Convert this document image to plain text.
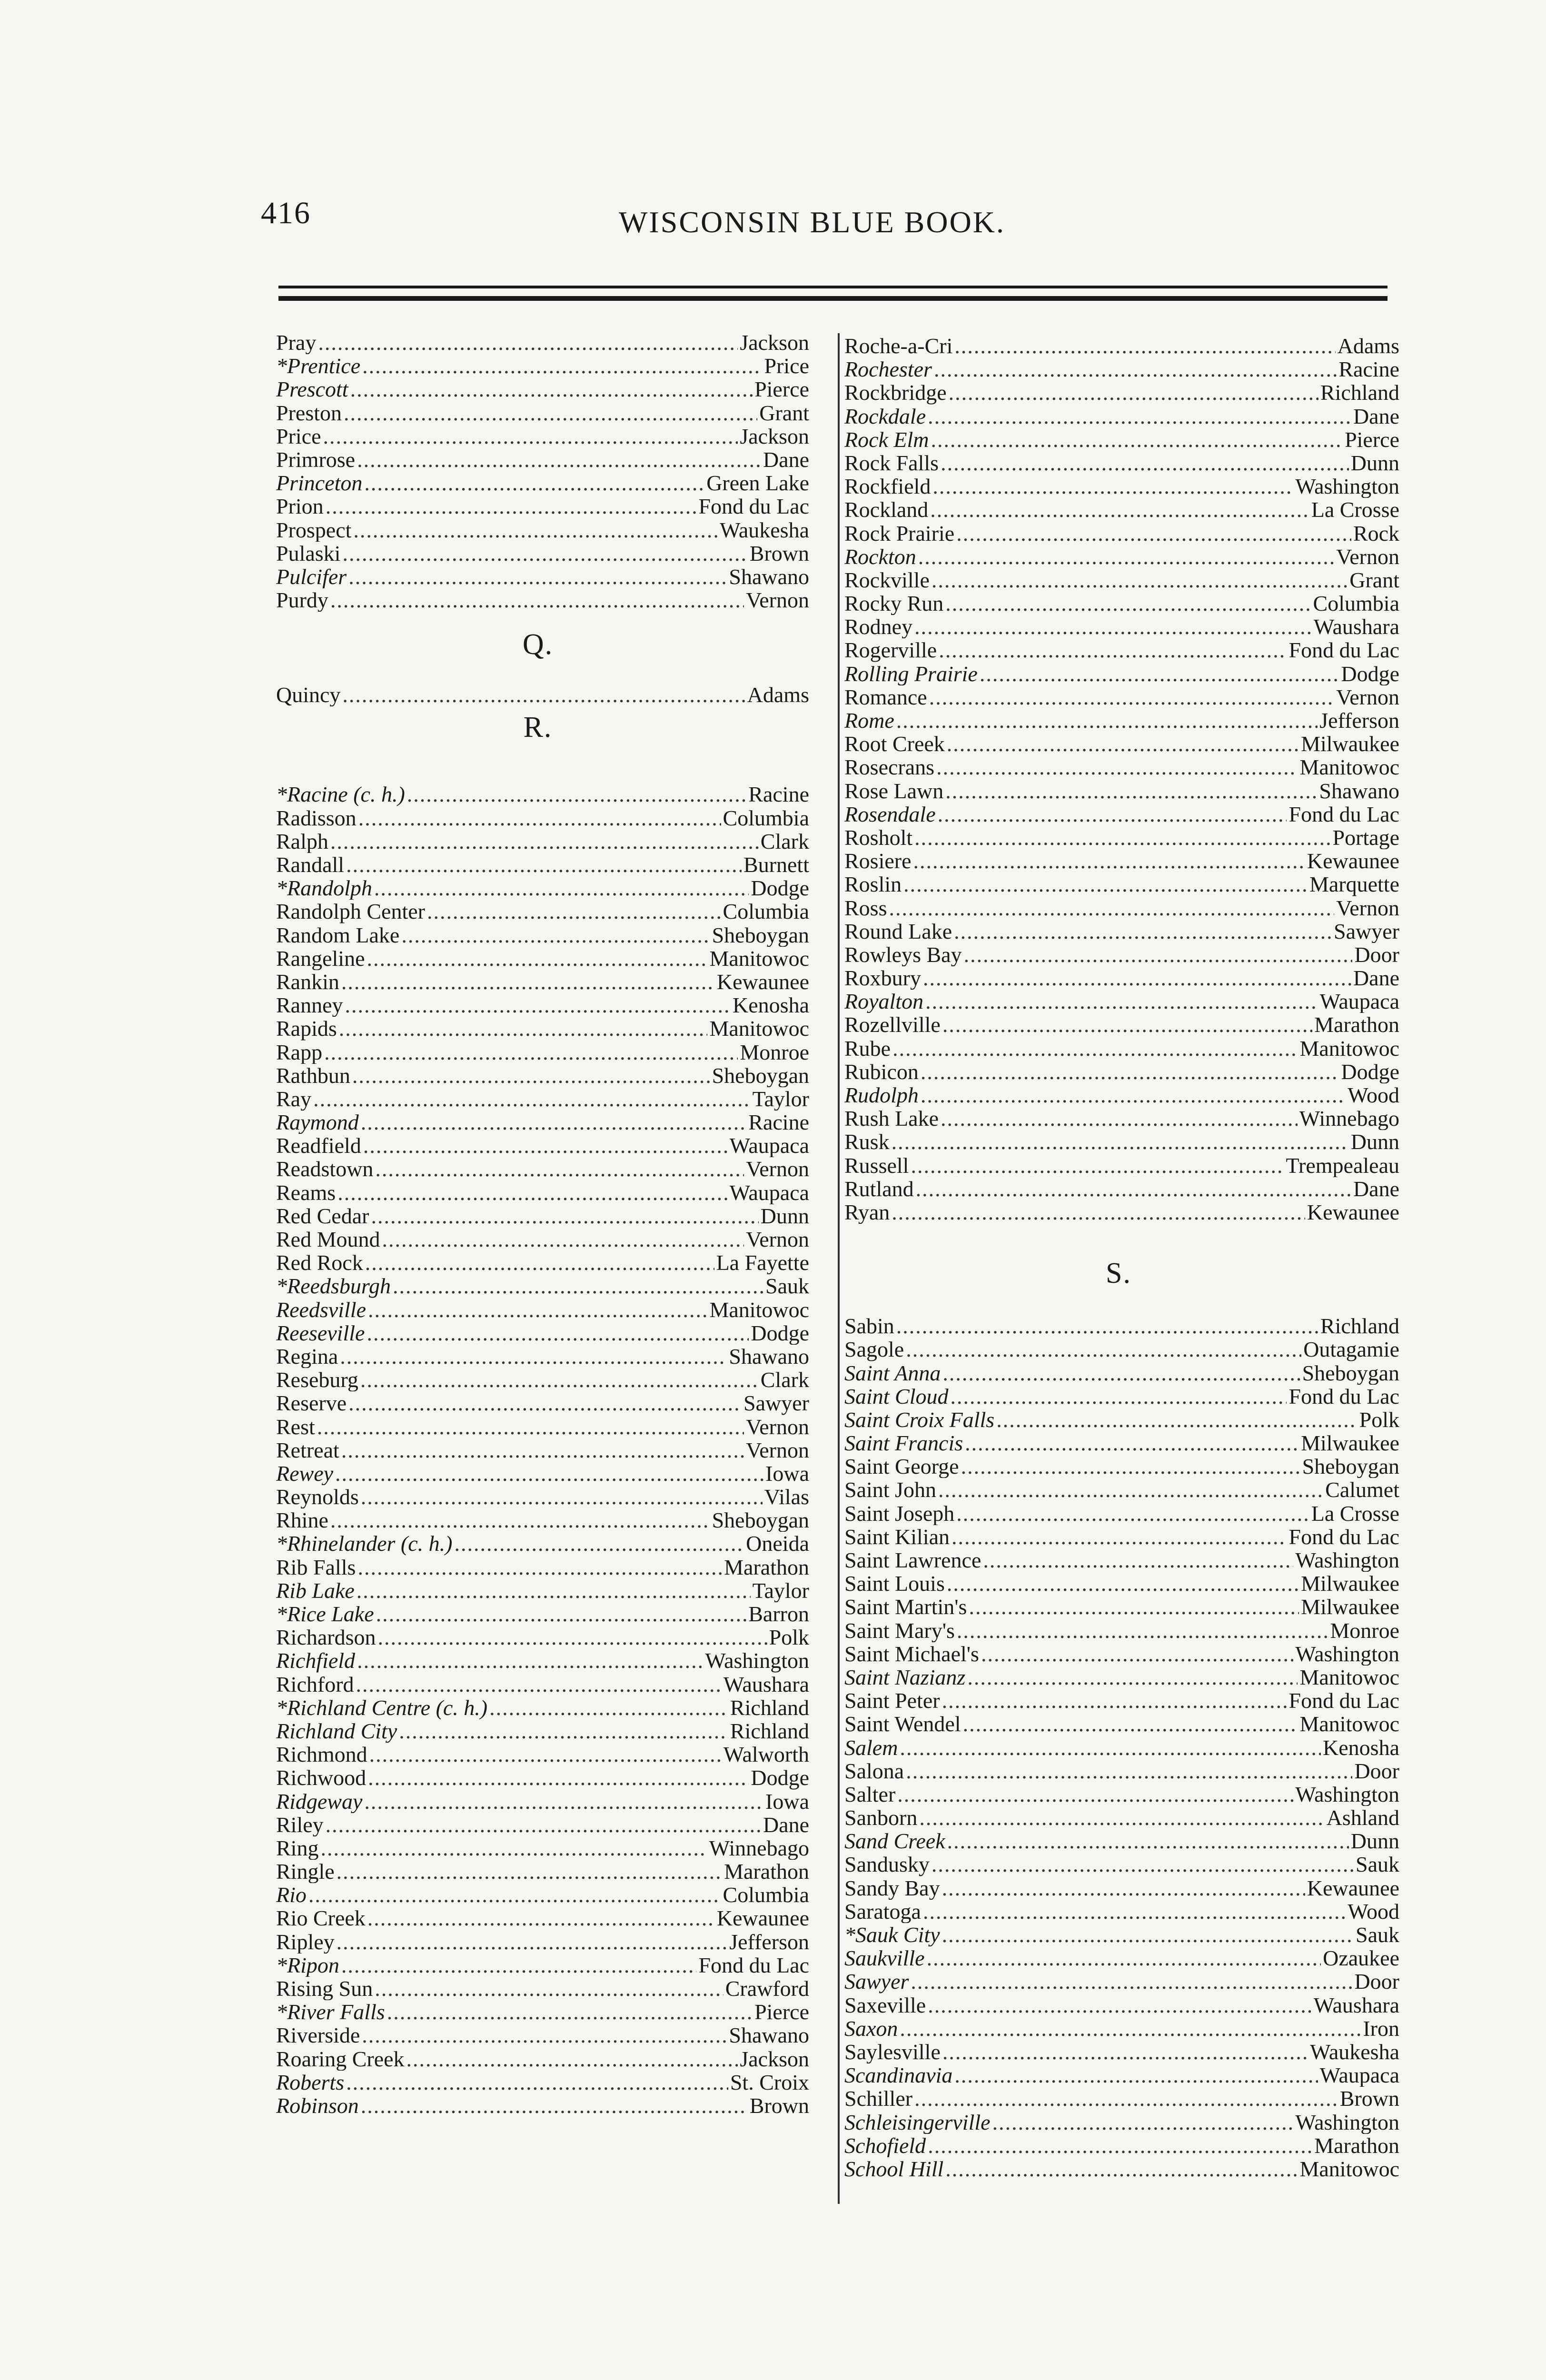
416	WISCONSIN BLUE BOOK.
Pray .....	Jackson
*Prentice .....	Price
Prescott .....	Pierce
Preston .....	Grant
Price .....	Jackson
Primrose .....	Dane
Princeton .....	Green Lake
Prion .....	Fond du Lac
Prospect .....	Waukesha
Pulaski .....	Brown
Pulcifer .....	Shawano
Purdy .....	Vernon
Q.
Quincy .....	Adams
R.
*Racine (c. h.) .....	Racine
Radisson .....	Columbia
Ralph .....	Clark
Randall .....	Burnett
*Randolph .....	Dodge
Randolph Center .....	Columbia
Random Lake .....	Sheboygan
Rangeline .....	Manitowoc
Rankin .....	Kewaunee
Ranney .....	Kenosha
Rapids .....	Manitowoc
Rapp .....	Monroe
Rathbun .....	Sheboygan
Ray .....	Taylor
Raymond .....	Racine
Readfield .....	Waupaca
Readstown .....	Vernon
Reams .....	Waupaca
Red Cedar .....	Dunn
Red Mound .....	Vernon
Red Rock .....	La Fayette
*Reedsburgh .....	Sauk
Reedsville .....	Manitowoc
Reeseville .....	Dodge
Regina .....	Shawano
Reseburg .....	Clark
Reserve .....	Sawyer
Rest .....	Vernon
Retreat .....	Vernon
Rewey .....	Iowa
Reynolds .....	Vilas
Rhine .....	Sheboygan
*Rhinelander (c. h.) .....	Oneida
Rib Falls .....	Marathon
Rib Lake .....	Taylor
*Rice Lake .....	Barron
Richardson .....	Polk
Richfield .....	Washington
Richford .....	Waushara
*Richland Centre (c. h.) .....	Richland
Richland City .....	Richland
Richmond .....	Walworth
Richwood .....	Dodge
Ridgeway .....	Iowa
Riley .....	Dane
Ring .....	Winnebago
Ringle .....	Marathon
Rio .....	Columbia
Rio Creek .....	Kewaunee
Ripley .....	Jefferson
*Ripon .....	Fond du Lac
Rising Sun .....	Crawford
*River Falls .....	Pierce
Riverside .....	Shawano
Roaring Creek .....	Jackson
Roberts .....	St. Croix
Robinson .....	Brown
Roche-a-Cri .....	Adams
Rochester .....	Racine
Rockbridge .....	Richland
Rockdale .....	Dane
Rock Elm .....	Pierce
Rock Falls .....	Dunn
Rockfield .....	Washington
Rockland .....	La Crosse
Rock Prairie .....	Rock
Rockton .....	Vernon
Rockville .....	Grant
Rocky Run .....	Columbia
Rodney .....	Waushara
Rogerville .....	Fond du Lac
Rolling Prairie .....	Dodge
Romance .....	Vernon
Rome .....	Jefferson
Root Creek .....	Milwaukee
Rosecrans .....	Manitowoc
Rose Lawn .....	Shawano
Rosendale .....	Fond du Lac
Rosholt .....	Portage
Rosiere .....	Kewaunee
Roslin .....	Marquette
Ross .....	Vernon
Round Lake .....	Sawyer
Rowleys Bay .....	Door
Roxbury .....	Dane
Royalton .....	Waupaca
Rozellville .....	Marathon
Rube .....	Manitowoc
Rubicon .....	Dodge
Rudolph .....	Wood
Rush Lake .....	Winnebago
Rusk .....	Dunn
Russell .....	Trempealeau
Rutland .....	Dane
Ryan .....	Kewaunee
S.
Sabin .....	Richland
Sagole .....	Outagamie
Saint Anna .....	Sheboygan
Saint Cloud .....	Fond du Lac
Saint Croix Falls .....	Polk
Saint Francis .....	Milwaukee
Saint George .....	Sheboygan
Saint John .....	Calumet
Saint Joseph .....	La Crosse
Saint Kilian .....	Fond du Lac
Saint Lawrence .....	Washington
Saint Louis .....	Milwaukee
Saint Martin's .....	Milwaukee
Saint Mary's .....	Monroe
Saint Michael's .....	Washington
Saint Nazianz .....	Manitowoc
Saint Peter .....	Fond du Lac
Saint Wendel .....	Manitowoc
Salem .....	Kenosha
Salona .....	Door
Salter .....	Washington
Sanborn .....	Ashland
Sand Creek .....	Dunn
Sandusky .....	Sauk
Sandy Bay .....	Kewaunee
Saratoga .....	Wood
*Sauk City .....	Sauk
Saukville .....	Ozaukee
Sawyer .....	Door
Saxeville .....	Waushara
Saxon .....	Iron
Saylesville .....	Waukesha
Scandinavia .....	Waupaca
Schiller .....	Brown
Schleisingerville .....	Washington
Schofield .....	Marathon
School Hill .....	Manitowoc
